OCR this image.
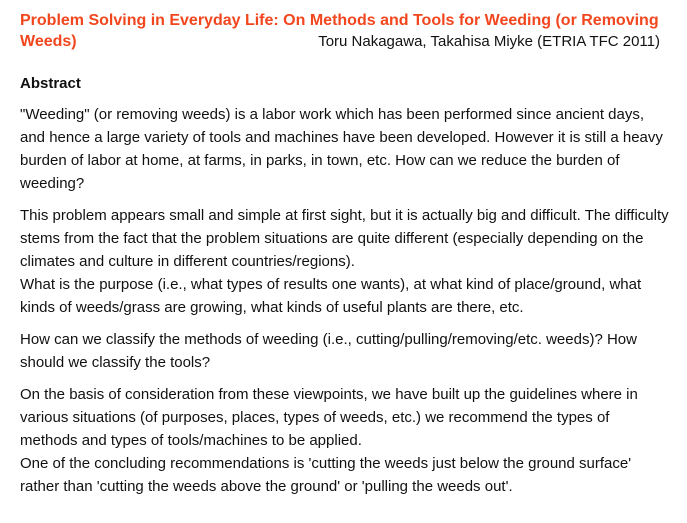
Problem Solving in Everyday Life: On Methods and Tools for Weeding (or Removing Weeds)	Toru Nakagawa, Takahisa Miyke (ETRIA TFC 2011)
Abstract

"Weeding" (or removing weeds) is a labor work which has been performed since ancient days, and hence a large variety of tools and machines have been developed. However it is still a heavy burden of labor at home, at farms, in parks, in town, etc. How can we reduce the burden of weeding?

This problem appears small and simple at first sight, but it is actually big and difficult. The difficulty stems from the fact that the problem situations are quite different (especially depending on the climates and culture in different countries/regions).

What is the purpose (i.e., what types of results one wants), at what kind of place/ground, what kinds of weeds/grass are growing, what kinds of useful plants are there, etc.

How can we classify the methods of weeding (i.e., cutting/pulling/removing/etc. weeds)? How should we classify the tools?

On the basis of consideration from these viewpoints, we have built up the guidelines where in various situations (of purposes, places, types of weeds, etc.) we recommend the types of methods and types of tools/machines to be applied.

One of the concluding recommendations is 'cutting the weeds just below the ground surface' rather than 'cutting the weeds above the ground' or 'pulling the weeds out'.
